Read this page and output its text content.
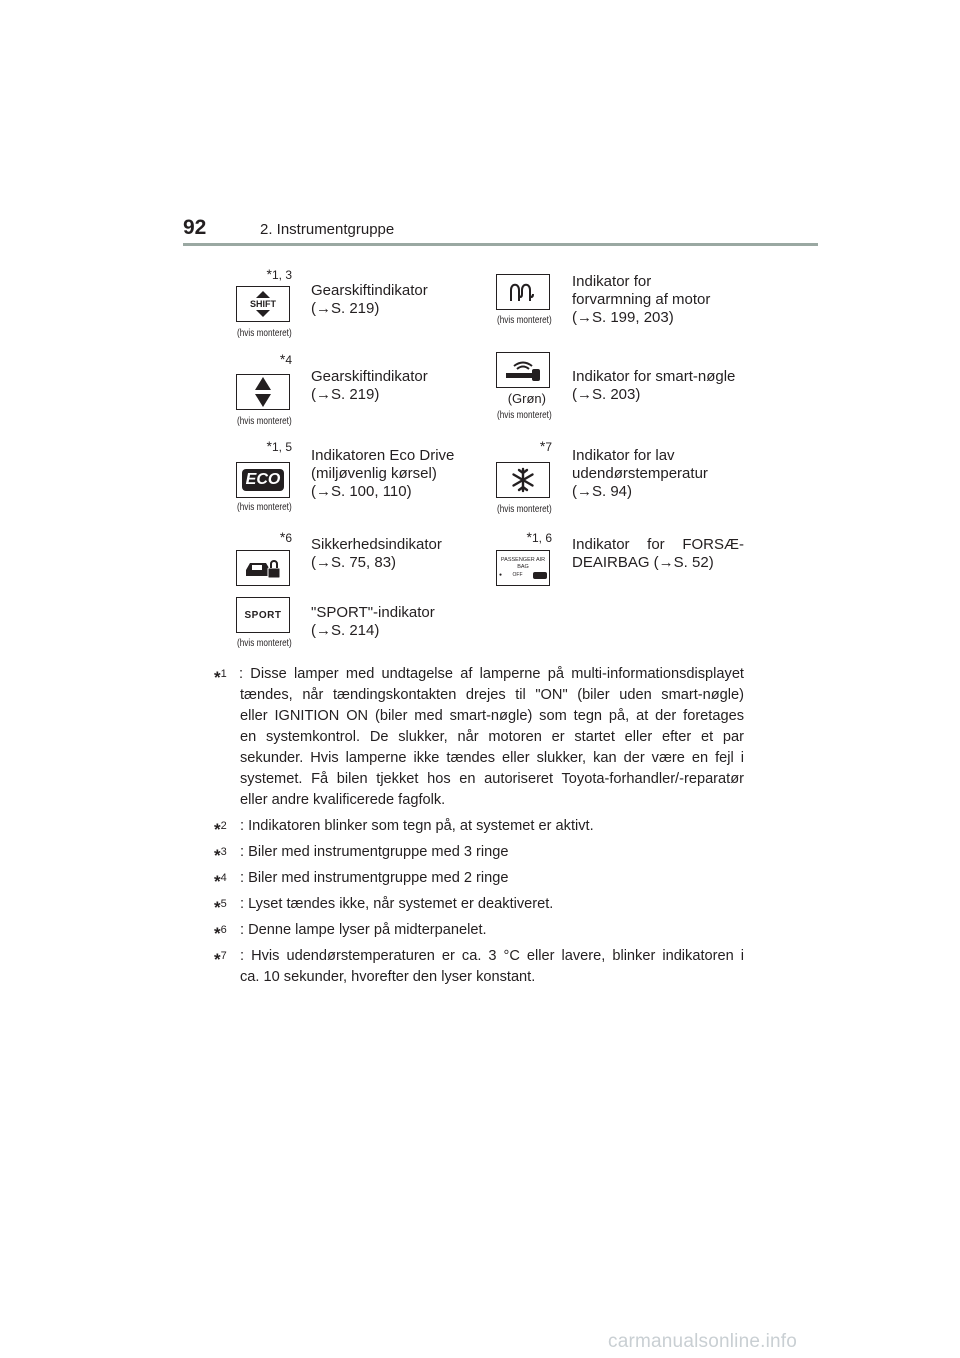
92	2. Instrumentgruppe
*1, 3
SHIFT
(hvis monteret)
Gearskiftindikator
(→S. 219)
(hvis monteret)
Indikator for
forvarmning af motor
(→S. 199, 203)
*4
(hvis monteret)
Gearskiftindikator
(→S. 219)	(Grøn)
(hvis monteret)
Indikator for smart-nøgle
(→S. 203)
*1, 5
ECO
(hvis monteret)
Indikatoren Eco Drive
(miljøvenlig kørsel)
(→S. 100, 110)
*7
(hvis monteret)
Indikator for lav
udendørstemperatur
(→S. 94)
*6 Sikkerhedsindikator
(→S. 75, 83)
*1, 6
PASSENGER AIR BAG
● OFF
Indikator for FORSÆ-
DEAIRBAG (→S. 52)
SPORT
(hvis monteret)
"SPORT"-indikator
(→S. 214)
*$^1$ : Disse lamper med undtagelse af lamperne på multi-informationsdisplayet
tændes, når tændingskontakten drejes til "ON" (biler uden smart-nøgle)
eller IGNITION ON (biler med smart-nøgle) som tegn på, at der foretages
en systemkontrol. De slukker, når motoren er startet eller efter et par
sekunder. Hvis lamperne ikke tændes eller slukker, kan der være en fejl i
systemet. Få bilen tjekket hos en autoriseret Toyota-forhandler/-reparatør
eller andre kvalificerede fagfolk.
*$^2$ : Indikatoren blinker som tegn på, at systemet er aktivt.
*$^3$ : Biler med instrumentgruppe med 3 ringe
*$^4$ : Biler med instrumentgruppe med 2 ringe
*$^5$ : Lyset tændes ikke, når systemet er deaktiveret.
*$^6$ : Denne lampe lyser på midterpanelet.
*$^7$ : Hvis udendørstemperaturen er ca. 3 °C eller lavere, blinker indikatoren i
ca. 10 sekunder, hvorefter den lyser konstant.
carmanualsonline.info
